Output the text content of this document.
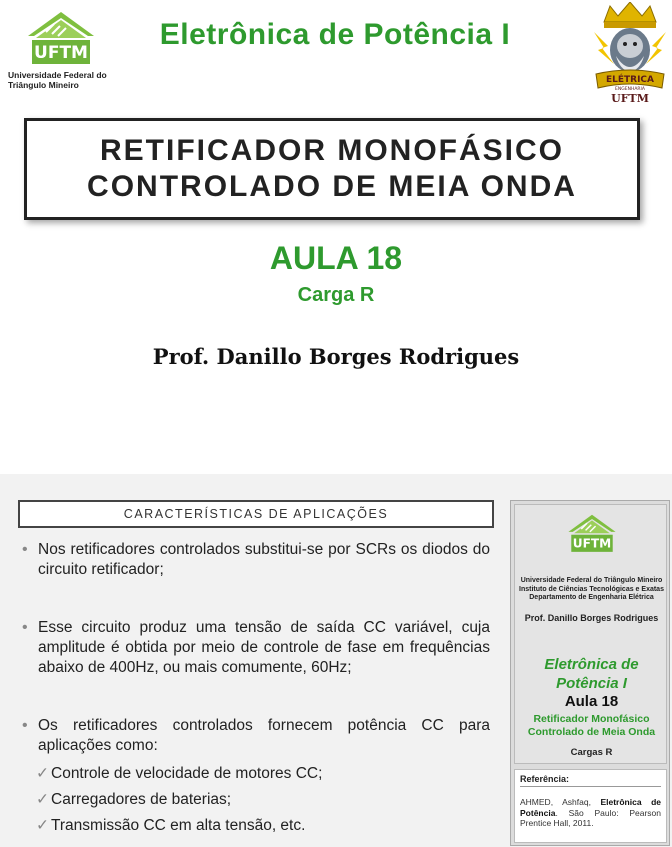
UFTM
Universidade Federal do Triângulo Mineiro
Eletrônica de Potência I
ELÉTRICA
ENGENHARIA
UFTM
RETIFICADOR MONOFÁSICO
CONTROLADO DE MEIA ONDA
AULA 18
Carga R
Prof. Danillo Borges Rodrigues
CARACTERÍSTICAS DE APLICAÇÕES
• Nos retificadores controlados substitui-se por SCRs os diodos do circuito retificador;
• Esse circuito produz uma tensão de saída CC variável, cuja amplitude é obtida por meio de controle de fase em frequências abaixo de 400Hz, ou mais comumente, 60Hz;
• Os retificadores controlados fornecem potência CC para aplicações como:
✓ Controle de velocidade de motores CC;
✓ Carregadores de baterias;
✓ Transmissão CC em alta tensão, etc.
UFTM
Universidade Federal do Triângulo Mineiro
Instituto de Ciências Tecnológicas e Exatas
Departamento de Engenharia Elétrica
Prof. Danillo Borges Rodrigues
Eletrônica de
Potência I
Aula 18
Retificador Monofásico
Controlado de Meia Onda
Cargas R
Referência:
AHMED, Ashfaq, Eletrônica de Potência. São Paulo: Pearson Prentice Hall, 2011.
